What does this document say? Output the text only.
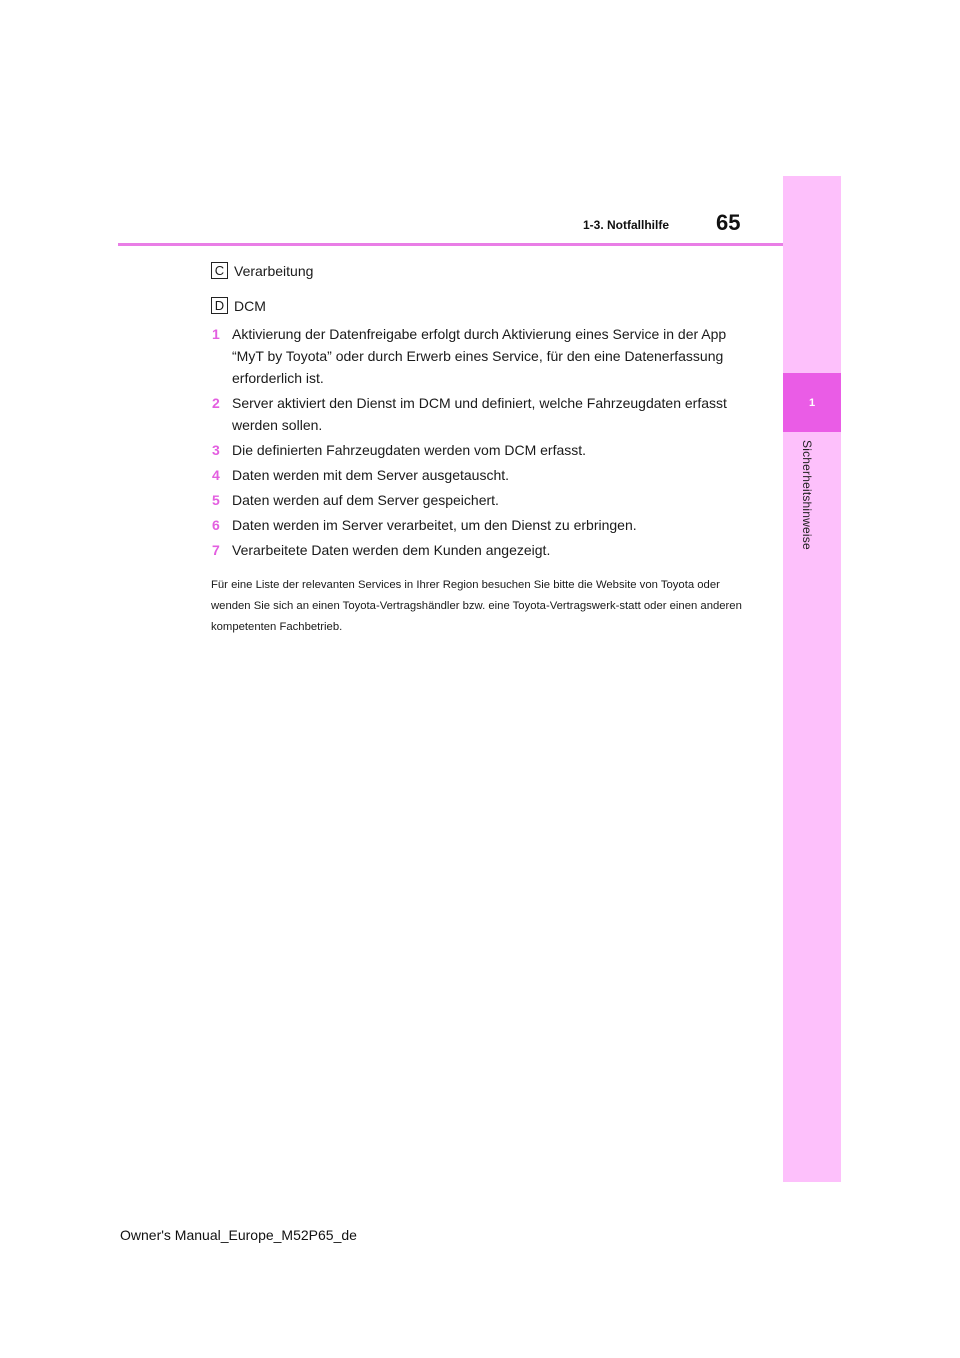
1
Sicherheitshinweise
1-3. Notfallhilfe 65
C Verarbeitung
D DCM
1 Aktivierung der Datenfreigabe erfolgt durch Aktivierung eines Service in der App “MyT by Toyota” oder durch Erwerb eines Service, für den eine Datenerfassung erforderlich ist.
2 Server aktiviert den Dienst im DCM und definiert, welche Fahrzeugdaten erfasst werden sollen.
3 Die definierten Fahrzeugdaten werden vom DCM erfasst.
4 Daten werden mit dem Server ausgetauscht.
5 Daten werden auf dem Server gespeichert.
6 Daten werden im Server verarbeitet, um den Dienst zu erbringen.
7 Verarbeitete Daten werden dem Kunden angezeigt.

Für eine Liste der relevanten Services in Ihrer Region besuchen Sie bitte die Website von Toyota oder wenden Sie sich an einen Toyota-Vertragshändler bzw. eine Toyota-Vertragswerk-statt oder einen anderen kompetenten Fachbetrieb.

Owner's Manual_Europe_M52P65_de
